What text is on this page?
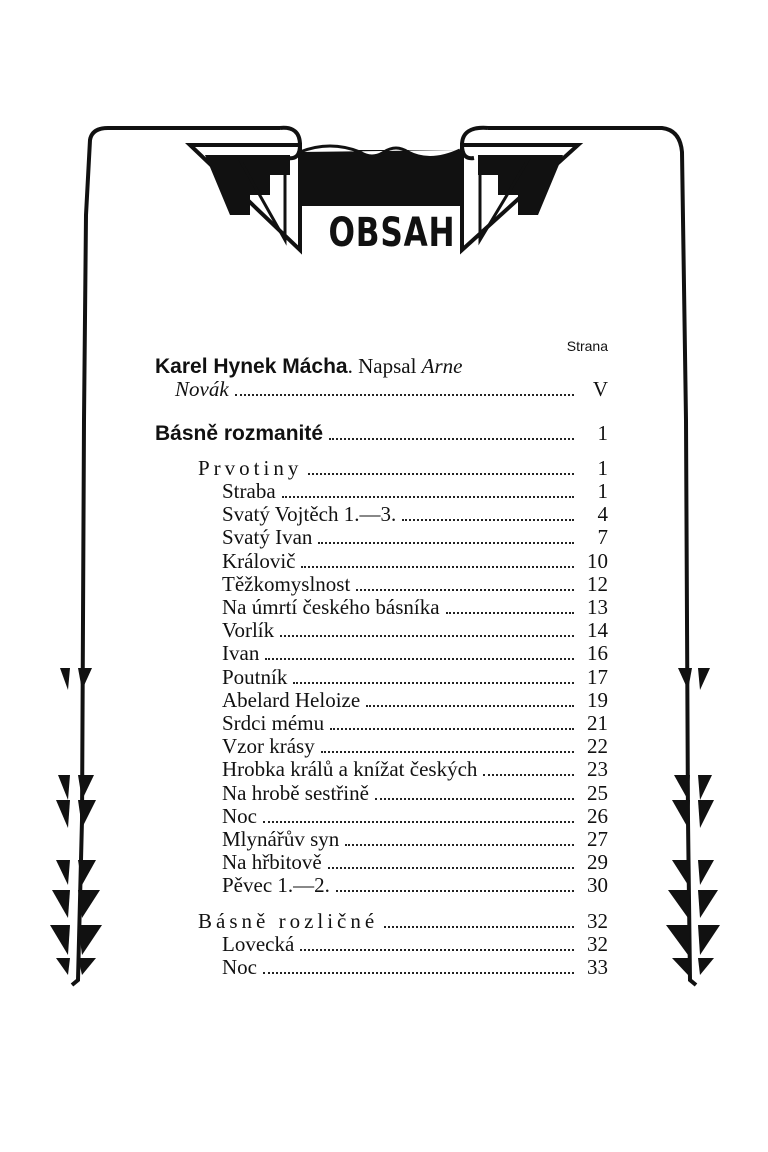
OBSAH
Strana
Karel Hynek Mácha. Napsal Arne
Novák	V
Básně rozmanité	1
Prvotiny	1
Straba	1
Svatý Vojtěch 1.—3.	4
Svatý Ivan	7
Královič	10
Těžkomyslnost	12
Na úmrtí českého básníka	13
Vorlík	14
Ivan	16
Poutník	17
Abelard Heloize	19
Srdci mému	21
Vzor krásy	22
Hrobka králů a knížat českých	23
Na hrobě sestřině	25
Noc	26
Mlynářův syn	27
Na hřbitově	29
Pěvec 1.—2.	30
Básně rozličné	32
Lovecká	32
Noc	33
